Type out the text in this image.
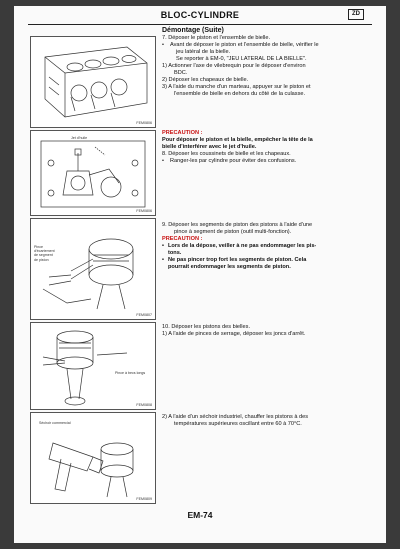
BLOC-CYLINDRE	ZD
FEM0806
Jet d'huile
FEM0806
Pince
d'écartement
de segment
de piston
FEM0807
Pince à becs longs
FEM0808
Séchoir commercial
FEM0809

Démontage (Suite)

7. Déposer le piston et l'ensemble de bielle.

• Avant de déposer le piston et l'ensemble de bielle, vérifier le

jeu latéral de la bielle.

Se reporter à EM-0, "JEU LATERAL DE LA BIELLE".

1) Actionner l'axe de vilebrequin pour le déposer d'environ

BDC.

2) Déposer les chapeaux de bielle.

3) A l'aide du manche d'un marteau, appuyer sur le piston et

l'ensemble de bielle en dehors du côté de la culasse.

PRECAUTION :

Pour déposer le piston et la bielle, empêcher la tête de la

bielle d'interférer avec le jet d'huile.

8. Déposer les coussinets de bielle et les chapeaux.

• Ranger-les par cylindre pour éviter des confusions.

9. Déposer les segments de piston des pistons à l'aide d'une

pince à segment de piston (outil multi-fonction).

PRECAUTION :

• Lors de la dépose, veiller à ne pas endommager les pis-

tons.

• Ne pas pincer trop fort les segments de piston. Cela

pourrait endommager les segments de piston.

10. Déposer les pistons des bielles.

1) A l'aide de pinces de serrage, déposer les joncs d'arrêt.

2) A l'aide d'un séchoir industriel, chauffer les pistons à des

températures supérieures oscillant entre 60 à 70°C.

EM-74
